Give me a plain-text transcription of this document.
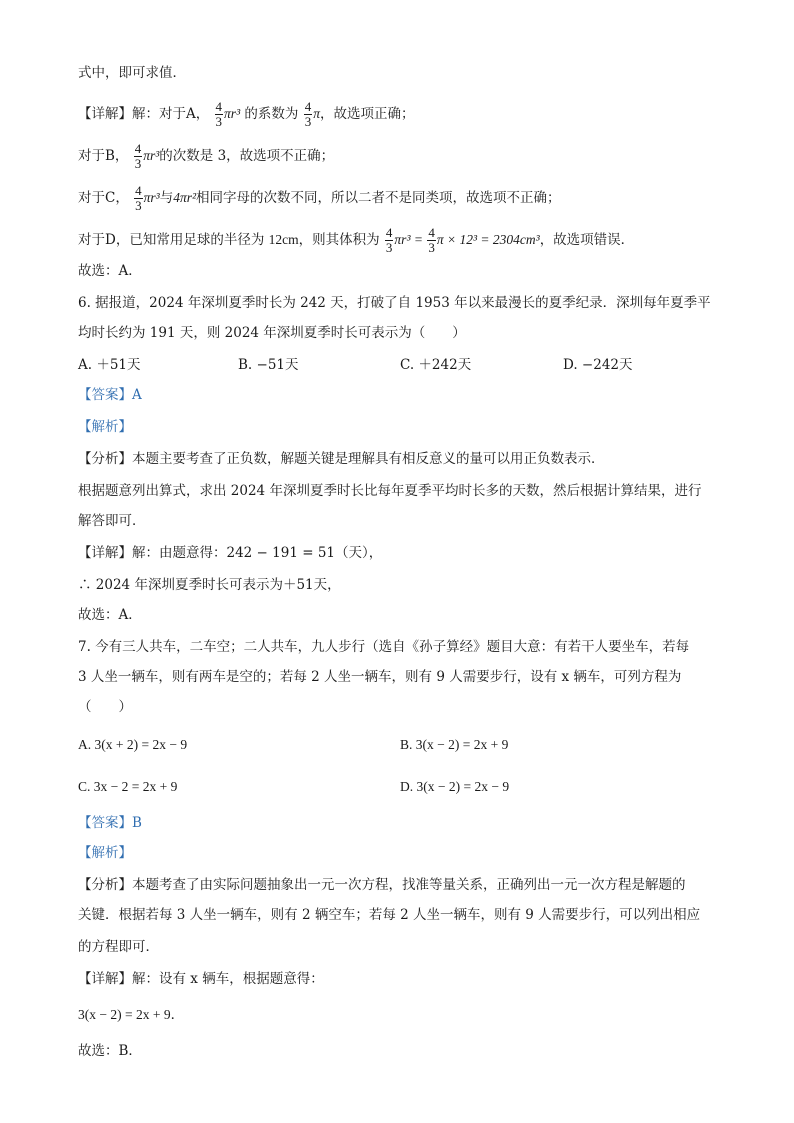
式中，即可求值．
【详解】解：对于A， $\frac{4}{3} \pi r^3$ 的系数为 $\frac{4}{3}$ π，故选项正确；
对于B， $\frac{4}{3} \pi r^3$的次数是 3，故选项不正确；
对于C， $\frac{4}{3} \pi r^3$与4πr²相同字母的次数不同，所以二者不是同类项，故选项不正确；
对于D，已知常用足球的半径为 12cm，则其体积为 $\frac{4}{3} \pi r^3 = \frac{4}{3}$ π × 12³ = 2304cm³，故选项错误．
故选：A．
6. 据报道，2024 年深圳夏季时长为 242 天，打破了自 1953 年以来最漫长的夏季纪录．深圳每年夏季平
均时长约为 191 天，则 2024 年深圳夏季时长可表示为（　　）
A. ＋51天	B. −51天	C. ＋242天	D. −242天
【答案】A
【解析】
【分析】本题主要考查了正负数，解题关键是理解具有相反意义的量可以用正负数表示．
根据题意列出算式，求出 2024 年深圳夏季时长比每年夏季平均时长多的天数，然后根据计算结果，进行
解答即可．
【详解】解：由题意得：242 − 191 = 51（天），
∴ 2024 年深圳夏季时长可表示为＋51天，
故选：A．
7. 今有三人共车，二车空；二人共车，九人步行（选自《孙子算经》题目大意：有若干人要坐车，若每
3 人坐一辆车，则有两车是空的；若每 2 人坐一辆车，则有 9 人需要步行，设有 x 辆车，可列方程为
（　　）
A. 3(x + 2) = 2x − 9	B. 3(x − 2) = 2x + 9
C. 3x − 2 = 2x + 9	D. 3(x − 2) = 2x − 9
【答案】B
【解析】
【分析】本题考查了由实际问题抽象出一元一次方程，找准等量关系，正确列出一元一次方程是解题的
关键．根据若每 3 人坐一辆车，则有 2 辆空车；若每 2 人坐一辆车，则有 9 人需要步行，可以列出相应
的方程即可．
【详解】解：设有 x 辆车，根据题意得：
3(x − 2) = 2x + 9．
故选：B．
